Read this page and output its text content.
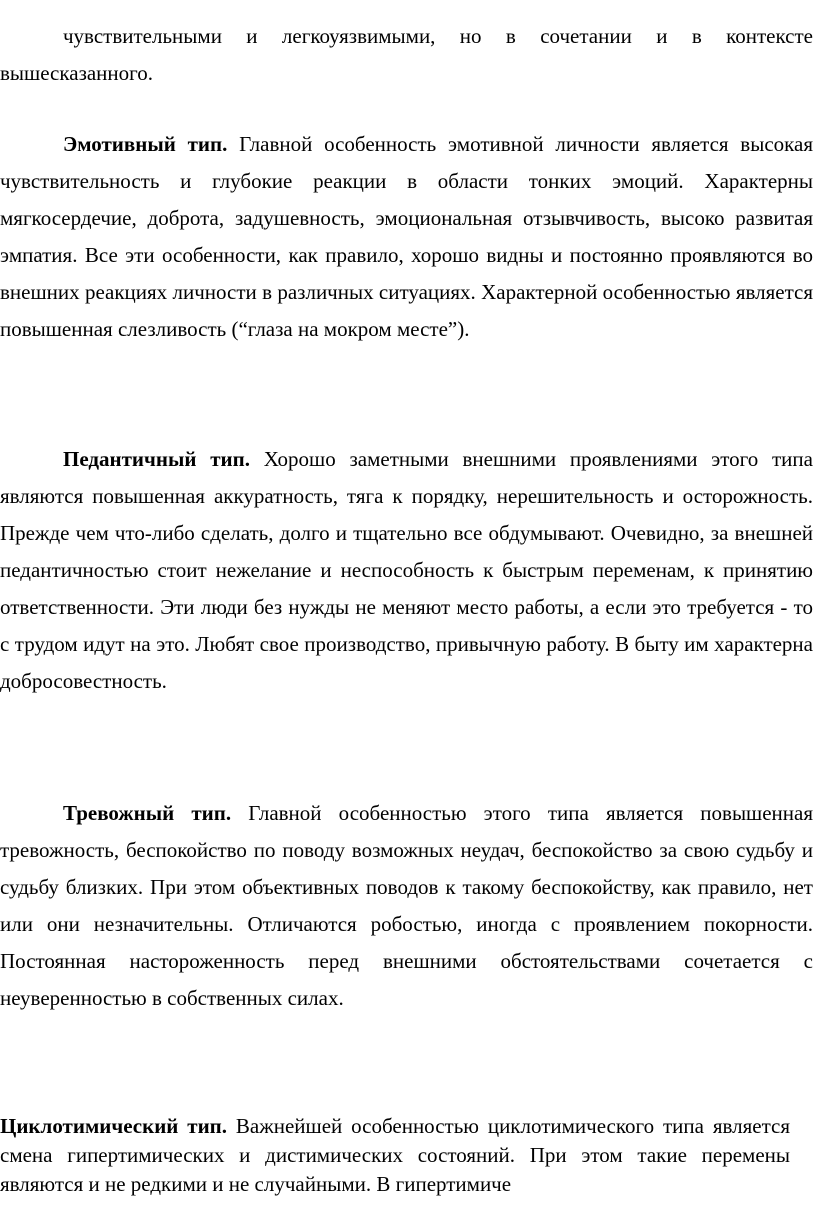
чувствительными и легкоуязвимыми, но в сочетании и в контексте вышесказанного.

Эмотивный тип. Главной особенность эмотивной личности является высокая чувствительность и глубокие реакции в области тонких эмоций. Характерны мягкосердечие, доброта, задушевность, эмоциональная отзывчивость, высоко развитая эмпатия. Все эти особенности, как правило, хорошо видны и постоянно проявляются во внешних реакциях личности в различных ситуациях. Характерной особенностью является повышенная слезливость (“глаза на мокром месте”).

Педантичный тип. Хорошо заметными внешними проявлениями этого типа являются повышенная аккуратность, тяга к порядку, нерешительность и осторожность. Прежде чем что-либо сделать, долго и тщательно все обдумывают. Очевидно, за внешней педантичностью стоит нежелание и неспособность к быстрым переменам, к принятию ответственности. Эти люди без нужды не меняют место работы, а если это требуется - то с трудом идут на это. Любят свое производство, привычную работу. В быту им характерна добросовестность.

Тревожный тип. Главной особенностью этого типа является повышенная тревожность, беспокойство по поводу возможных неудач, беспокойство за свою судьбу и судьбу близких. При этом объективных поводов к такому беспокойству, как правило, нет или они незначительны. Отличаются робостью, иногда с проявлением покорности. Постоянная настороженность перед внешними обстоятельствами сочетается с неуверенностью в собственных силах.

Циклотимический тип. Важнейшей особенностью циклотимического типа является смена гипертимических и дистимических состояний. При этом такие перемены являются и не редкими и не случайными. В гипертимиче
